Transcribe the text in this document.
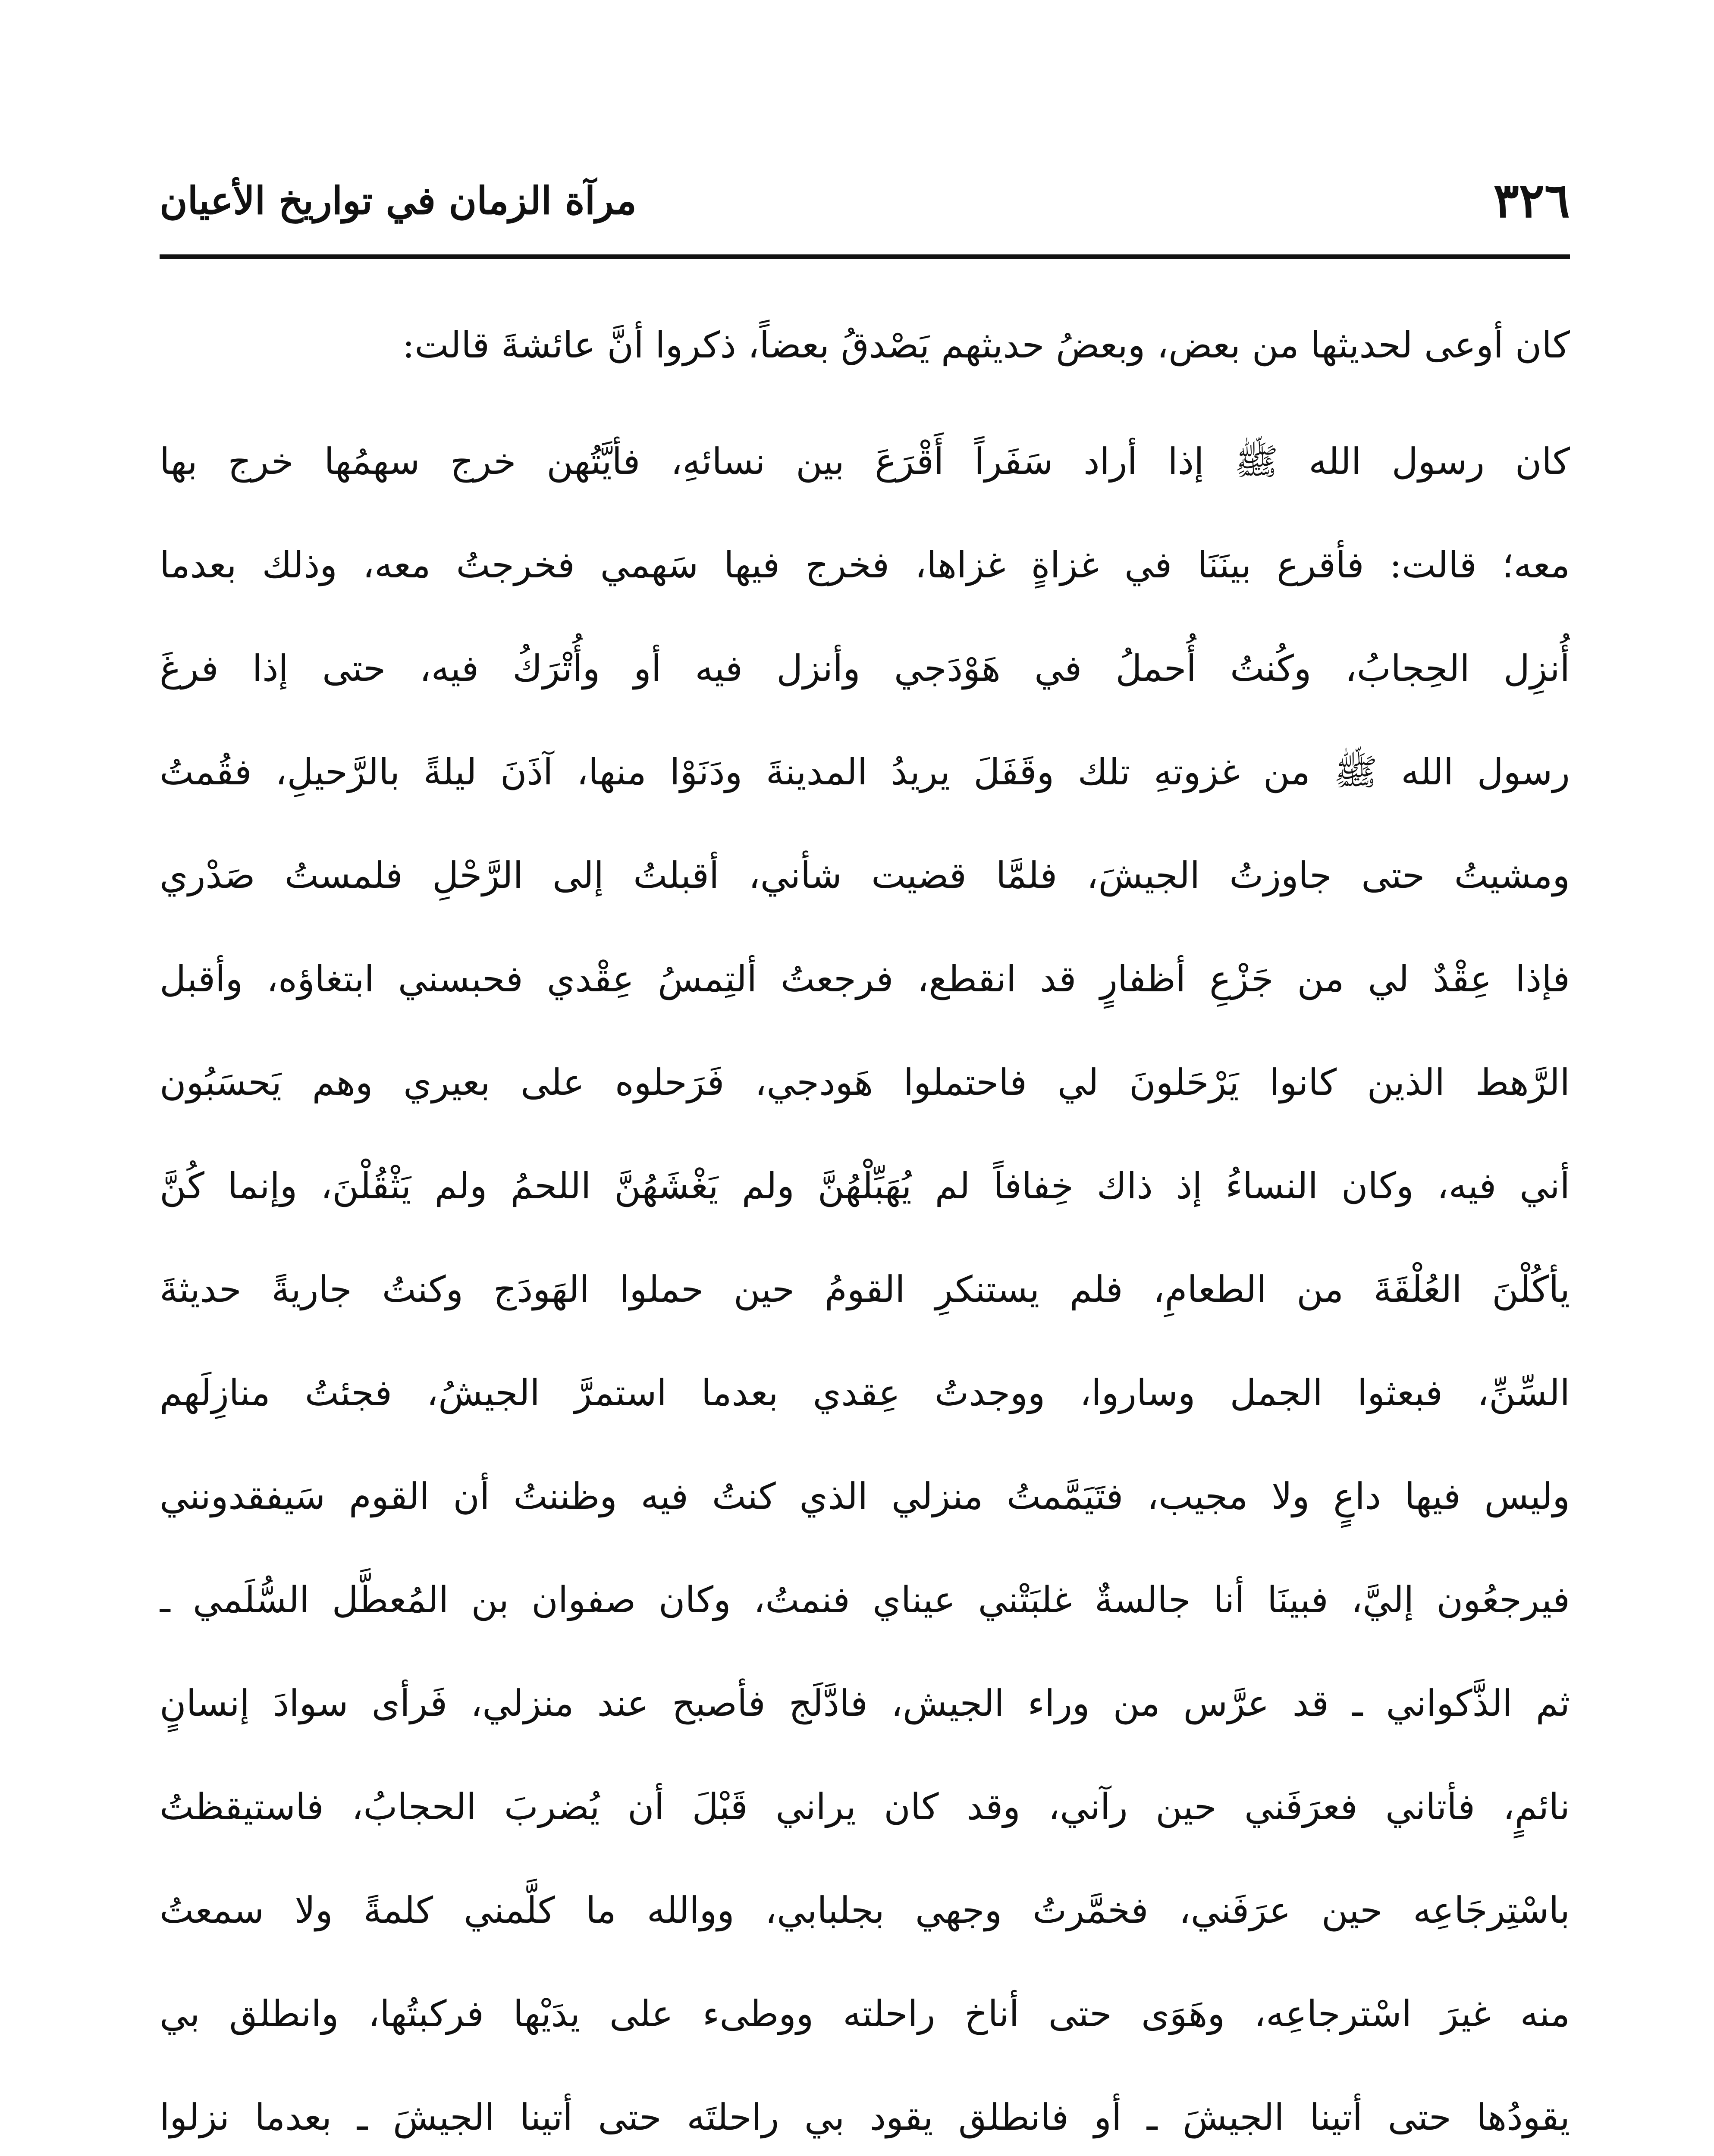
٣٢٦
مرآة الزمان في تواريخ الأعيان
كان أوعى لحديثها من بعض، وبعضُ حديثهم يَصْدقُ بعضاً، ذكروا أنَّ عائشةَ قالت:
كان رسول الله ﷺ إذا أراد سَفَراً أَقْرَعَ بين نسائهِ، فأيَّتُهن خرج سهمُها خرج بها
معه؛ قالت: فأقرع بينَنَا في غزاةٍ غزاها، فخرج فيها سَهمي فخرجتُ معه، وذلك بعدما
أُنزِل الحِجابُ، وكُنتُ أُحملُ في هَوْدَجي وأنزل فيه أو وأُتْرَكُ فيه، حتى إذا فرغَ
رسول الله ﷺ من غزوتهِ تلك وقَفَلَ يريدُ المدينةَ ودَنَوْا منها، آذَنَ ليلةً بالرَّحيلِ، فقُمتُ
ومشيتُ حتى جاوزتُ الجيشَ، فلمَّا قضيت شأني، أقبلتُ إلى الرَّحْلِ فلمستُ صَدْري
فإذا عِقْدٌ لي من جَزْعِ أظفارٍ قد انقطع، فرجعتُ ألتِمسُ عِقْدي فحبسني ابتغاؤه، وأقبل
الرَّهط الذين كانوا يَرْحَلونَ لي فاحتملوا هَودجي، فَرَحلوه على بعيري وهم يَحسَبُون
أني فيه، وكان النساءُ إذ ذاك خِفافاً لم يُهَبِّلْهُنَّ ولم يَغْشَهُنَّ اللحمُ ولم يَثْقُلْنَ، وإنما كُنَّ
يأكُلْنَ العُلْقَةَ من الطعامِ، فلم يستنكرِ القومُ حين حملوا الهَودَج وكنتُ جاريةً حديثةَ
السِّنِّ، فبعثوا الجمل وساروا، ووجدتُ عِقدي بعدما استمرَّ الجيشُ، فجئتُ منازِلَهم
وليس فيها داعٍ ولا مجيب، فتَيَمَّمتُ منزلي الذي كنتُ فيه وظننتُ أن القوم سَيفقدونني
فيرجعُون إليَّ، فبينَا أنا جالسةٌ غلبَتْني عيناي فنمتُ، وكان صفوان بن المُعطَّل السُّلَمي ـ
ثم الذَّكواني ـ قد عرَّس من وراء الجيش، فادَّلَج فأصبح عند منزلي، فَرأى سوادَ إنسانٍ
نائمٍ، فأتاني فعرَفَني حين رآني، وقد كان يراني قَبْلَ أن يُضربَ الحجابُ، فاستيقظتُ
باسْتِرجَاعِه حين عرَفَني، فخمَّرتُ وجهي بجلبابي، ووالله ما كلَّمني كلمةً ولا سمعتُ
منه غيرَ اسْترجاعِه، وهَوَى حتى أناخ راحلته ووطىء على يدَيْها فركبتُها، وانطلق بي
يقودُها حتى أتينا الجيشَ ـ أو فانطلق يقود بي راحلتَه حتى أتينا الجيشَ ـ بعدما نزلوا
